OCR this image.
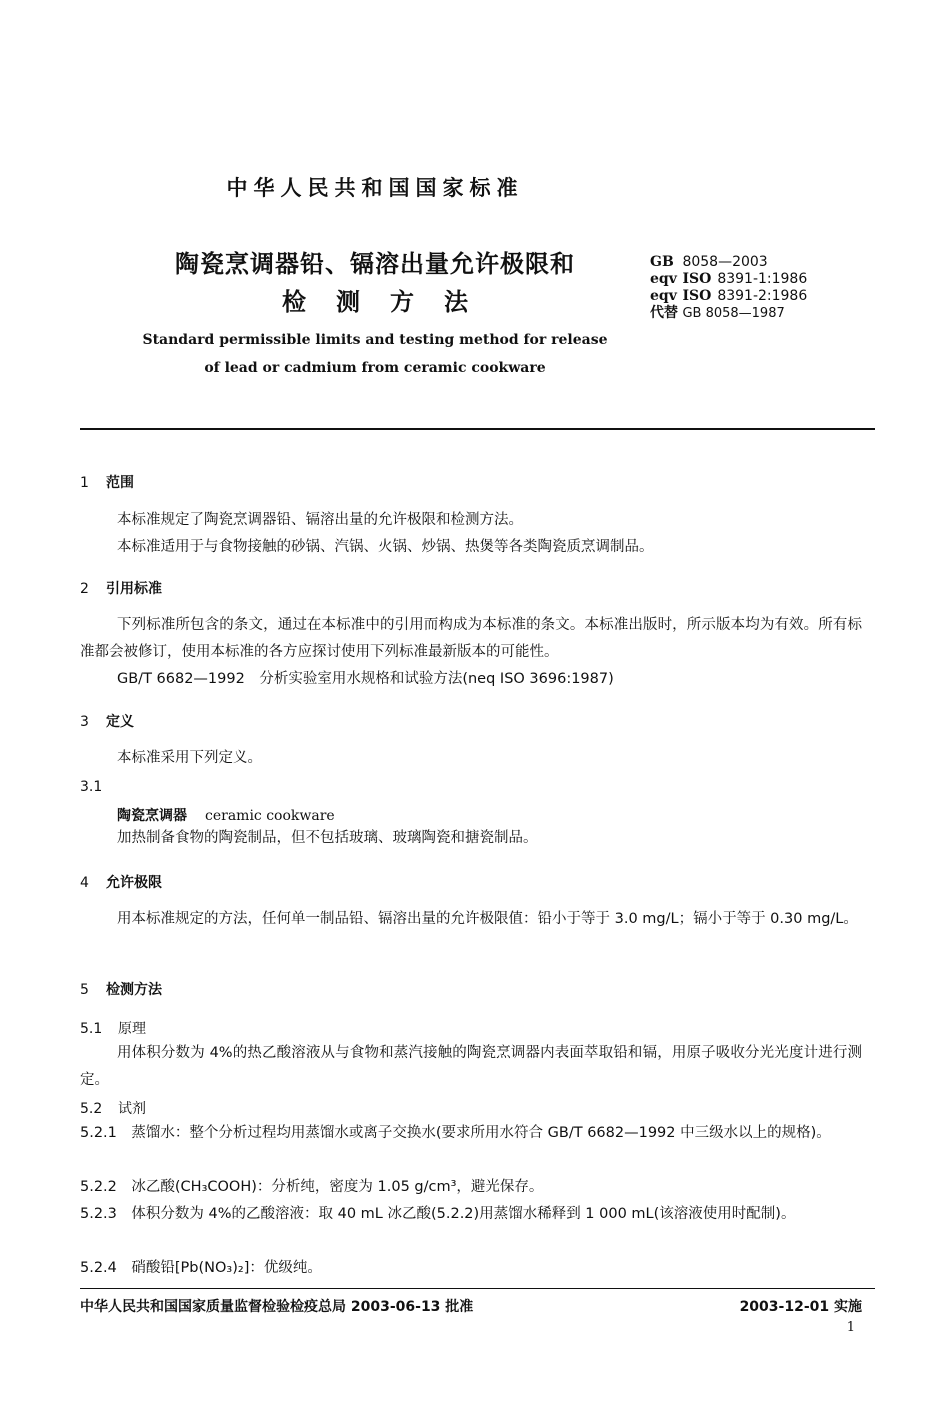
中华人民共和国国家标准
陶瓷烹调器铅、镉溶出量允许极限和
检测方法
Standard permissible limits and testing method for release
of lead or cadmium from ceramic cookware
GB 8058—2003
eqv ISO 8391-1:1986
eqv ISO 8391-2:1986
代替 GB 8058—1987
1 范围
本标准规定了陶瓷烹调器铅、镉溶出量的允许极限和检测方法。
本标准适用于与食物接触的砂锅、汽锅、火锅、炒锅、热煲等各类陶瓷质烹调制品。
2 引用标准
下列标准所包含的条文，通过在本标准中的引用而构成为本标准的条文。本标准出版时，所示版本均为有效。所有标准都会被修订，使用本标准的各方应探讨使用下列标准最新版本的可能性。
GB/T 6682—1992　分析实验室用水规格和试验方法(neq ISO 3696:1987)
3 定义
本标准采用下列定义。
3.1
陶瓷烹调器 ceramic cookware
加热制备食物的陶瓷制品，但不包括玻璃、玻璃陶瓷和搪瓷制品。
4 允许极限
用本标准规定的方法，任何单一制品铅、镉溶出量的允许极限值：铅小于等于 3.0 mg/L；镉小于等于 0.30 mg/L。
5 检测方法
5.1 原理
用体积分数为 4%的热乙酸溶液从与食物和蒸汽接触的陶瓷烹调器内表面萃取铅和镉，用原子吸收分光光度计进行测定。
5.2 试剂
5.2.1　蒸馏水：整个分析过程均用蒸馏水或离子交换水(要求所用水符合 GB/T 6682—1992 中三级水以上的规格)。
5.2.2　冰乙酸(CH₃COOH)：分析纯，密度为 1.05 g/cm³，避光保存。
5.2.3　体积分数为 4%的乙酸溶液：取 40 mL 冰乙酸(5.2.2)用蒸馏水稀释到 1 000 mL(该溶液使用时配制)。
5.2.4　硝酸铅[Pb(NO₃)₂]：优级纯。
中华人民共和国国家质量监督检验检疫总局 2003-06-13 批准	2003-12-01 实施
1
